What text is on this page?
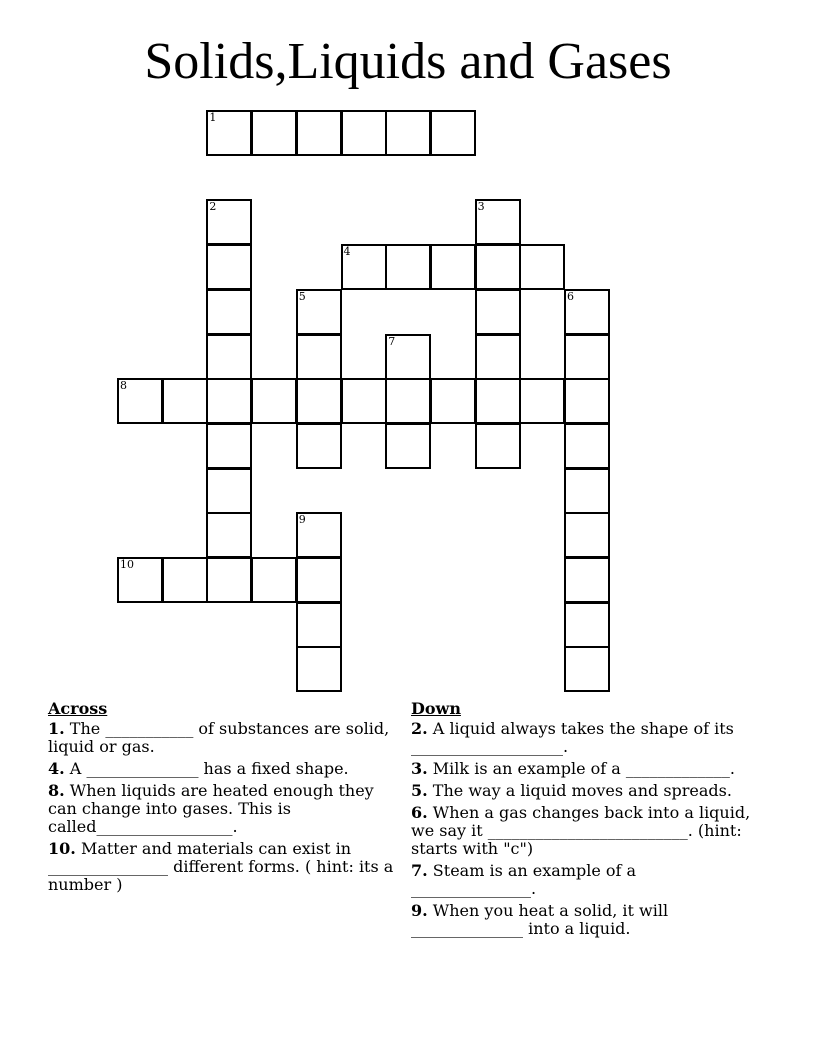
Solids,Liquids and Gases
1
2	3
4
5	6
7
8
9
10
Across
1. The ___________ of substances are solid, liquid or gas.
4. A ______________ has a fixed shape.
8. When liquids are heated enough they can change into gases. This is called_________________.
10. Matter and materials can exist in _______________ different forms. ( hint: its a number )
Down
2. A liquid always takes the shape of its ___________________.
3. Milk is an example of a _____________.
5. The way a liquid moves and spreads.
6. When a gas changes back into a liquid, we say it _________________________. (hint: starts with "c")
7. Steam is an example of a _______________.
9. When you heat a solid, it will ______________ into a liquid.
